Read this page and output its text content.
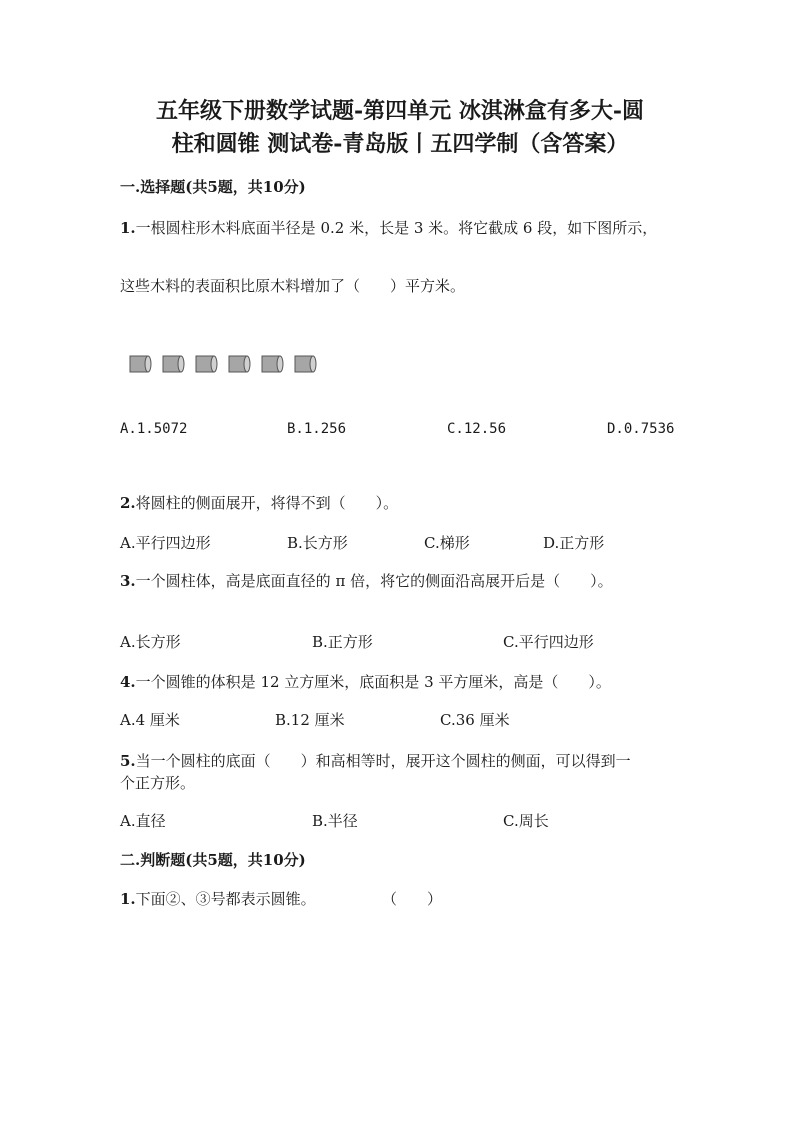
五年级下册数学试题-第四单元 冰淇淋盒有多大-圆
柱和圆锥 测试卷-青岛版丨五四学制（含答案）
一.选择题(共5题，共10分)
1.一根圆柱形木料底面半径是 0.2 米，长是 3 米。将它截成 6 段，如下图所示，
这些木料的表面积比原木料增加了（　　）平方米。
A.1.5072	B.1.256	C.12.56	D.0.7536
2.将圆柱的侧面展开，将得不到（　　）。
A.平行四边形	B.长方形	C.梯形	D.正方形
3.一个圆柱体，高是底面直径的 π 倍，将它的侧面沿高展开后是（　　）。
A.长方形	B.正方形	C.平行四边形
4.一个圆锥的体积是 12 立方厘米，底面积是 3 平方厘米，高是（　　）。
A.4 厘米	B.12 厘米	C.36 厘米
5.当一个圆柱的底面（　　）和高相等时，展开这个圆柱的侧面，可以得到一
个正方形。
A.直径	B.半径	C.周长
二.判断题(共5题，共10分)
1.下面②、③号都表示圆锥。	（　　）
